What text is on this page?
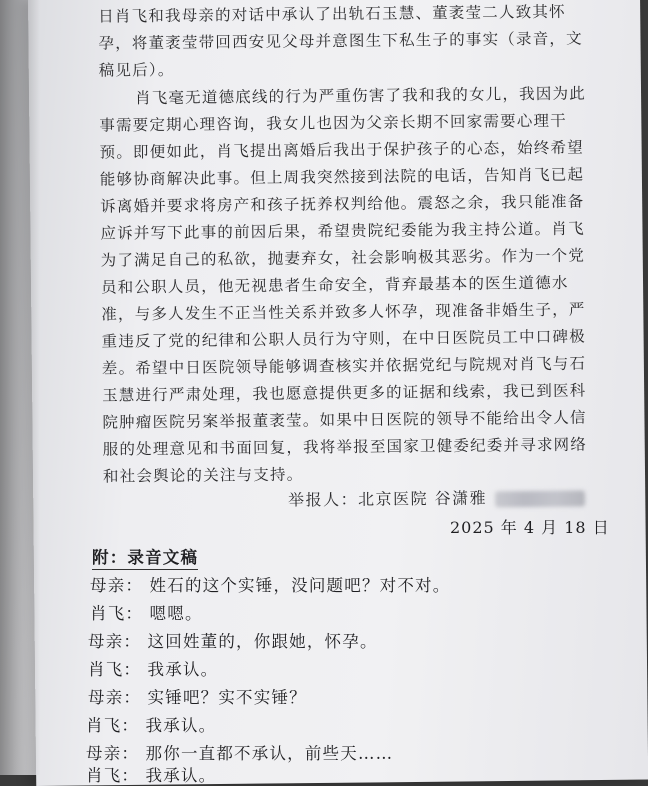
日肖飞和我母亲的对话中承认了出轨石玉慧、董袤莹二人致其怀
孕，将董袤莹带回西安见父母并意图生下私生子的事实（录音，文
稿见后）。
肖飞毫无道德底线的行为严重伤害了我和我的女儿，我因为此
事需要定期心理咨询，我女儿也因为父亲长期不回家需要心理干
预。即便如此，肖飞提出离婚后我出于保护孩子的心态，始终希望
能够协商解决此事。但上周我突然接到法院的电话，告知肖飞已起
诉离婚并要求将房产和孩子抚养权判给他。震怒之余，我只能准备
应诉并写下此事的前因后果，希望贵院纪委能为我主持公道。肖飞
为了满足自己的私欲，抛妻弃女，社会影响极其恶劣。作为一个党
员和公职人员，他无视患者生命安全，背弃最基本的医生道德水
准，与多人发生不正当性关系并致多人怀孕，现准备非婚生子，严
重违反了党的纪律和公职人员行为守则，在中日医院员工中口碑极
差。希望中日医院领导能够调查核实并依据党纪与院规对肖飞与石
玉慧进行严肃处理，我也愿意提供更多的证据和线索，我已到医科
院肿瘤医院另案举报董袤莹。如果中日医院的领导不能给出令人信
服的处理意见和书面回复，我将举报至国家卫健委纪委并寻求网络
和社会舆论的关注与支持。
举报人：北京医院 谷潇雅
2025 年 4 月 18 日
附：录音文稿
母亲： 姓石的这个实锤，没问题吧？对不对。
肖飞： 嗯嗯。
母亲： 这回姓董的，你跟她，怀孕。
肖飞： 我承认。
母亲： 实锤吧？实不实锤？
肖飞： 我承认。
母亲： 那你一直都不承认，前些天……
肖飞： 我承认。
